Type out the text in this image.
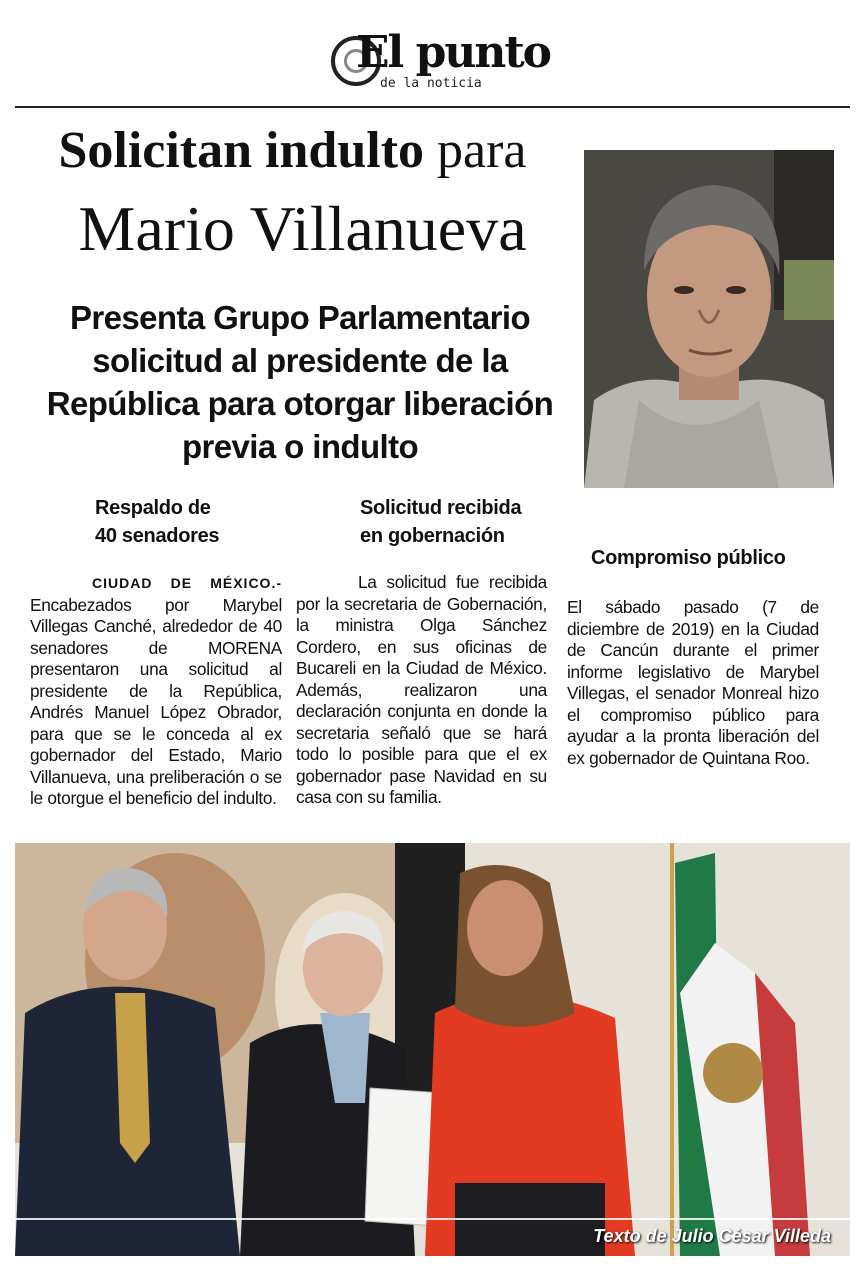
El punto
de la noticia
Solicitan indulto para
Mario Villanueva
Presenta Grupo Parlamentario solicitud al presidente de la República para otorgar liberación previa o indulto
Respaldo de
40 senadores
CIUDAD DE MÉXICO.- Encabezados por Marybel Villegas Canché, alrededor de 40 senadores de MORENA presentaron una solicitud al presidente de la República, Andrés Manuel López Obrador, para que se le conceda al ex gobernador del Estado, Mario Villanueva, una preliberación o se le otorgue el beneficio del indulto.
Solicitud recibida
en gobernación
La solicitud fue recibida por la secretaria de Gobernación, la ministra Olga Sánchez Cordero, en sus oficinas de Bucareli en la Ciudad de México. Además, realizaron una declaración conjunta en donde la secretaria señaló que se hará todo lo posible para que el ex gobernador pase Navidad en su casa con su familia.
Compromiso público
El sábado pasado (7 de diciembre de 2019) en la Ciudad de Cancún durante el primer informe legislativo de Marybel Villegas, el senador Monreal hizo el compromiso público para ayudar a la pronta liberación del ex gobernador de Quintana Roo.
Texto de Julio César Villeda
